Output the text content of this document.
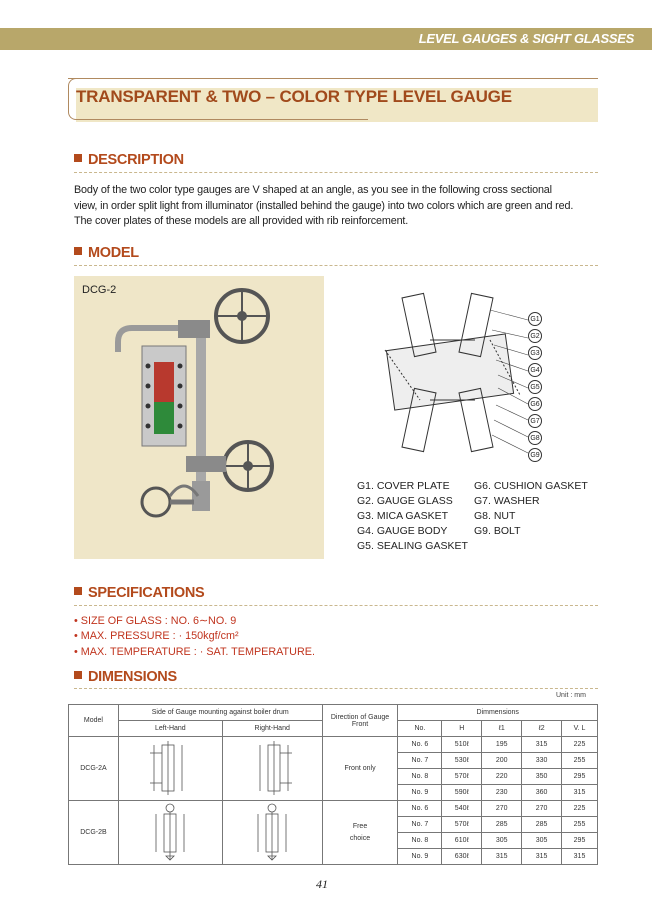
LEVEL GAUGES & SIGHT GLASSES
TRANSPARENT & TWO – COLOR TYPE LEVEL GAUGE
DESCRIPTION
Body of the two color type gauges are V shaped at an angle, as you see in the following cross sectional
view, in order split light from illuminator (installed behind the gauge) into two colors which are green and red.
The cover plates of these models are all provided with rib reinforcement.
MODEL
DCG-2
G1
G2
G3
G4
G5
G6
G7
G8
G9
G1. COVER PLATE
G2. GAUGE GLASS
G3. MICA GASKET
G4. GAUGE BODY
G5. SEALING GASKET
G6. CUSHION GASKET
G7. WASHER
G8. NUT
G9. BOLT
SPECIFICATIONS
• SIZE OF GLASS : NO. 6∼NO. 9
• MAX. PRESSURE : · 150kgf/cm²
• MAX. TEMPERATURE : · SAT. TEMPERATURE.
DIMENSIONS
Unit : mm
Model	Side of Gauge mounting against boiler drum		Direction of Gauge Front	Dimmensions				
	Left-Hand	Right-Hand		No.	H	ℓ1	ℓ2	V. L
DCG-2A			Front only	No. 6	510ℓ	195	315	225
				No. 7	530ℓ	200	330	255
				No. 8	570ℓ	220	350	295
				No. 9	590ℓ	230	360	315
DCG-2B			Free choice	No. 6	540ℓ	270	270	225
				No. 7	570ℓ	285	285	255
				No. 8	610ℓ	305	305	295
				No. 9	630ℓ	315	315	315
41
